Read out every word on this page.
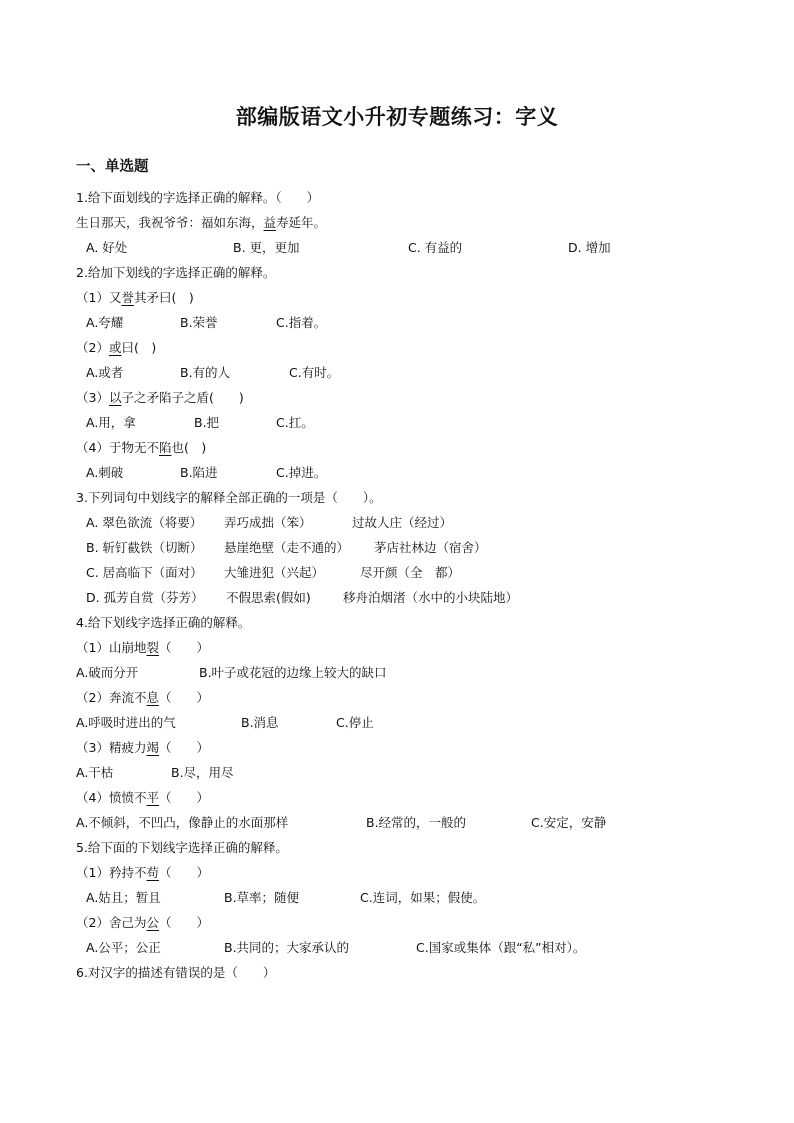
部编版语文小升初专题练习：字义
一、单选题
1.给下面划线的字选择正确的解释。（　　）
生日那天，我祝爷爷：福如东海，益寿延年。
A. 好处	B. 更，更加	C. 有益的	D. 增加
2.给加下划线的字选择正确的解释。
（1）又誉其矛曰(　)
A.夸耀	B.荣誉	C.指着。
（2）或曰(　)
A.或者	B.有的人	C.有时。
（3）以子之矛陷子之盾(　　)
A.用，拿	B.把	C.扛。
（4）于物无不陷也(　)
A.刺破	B.陷进	C.掉进。
3.下列词句中划线字的解释全部正确的一项是（　　）。
A. 翠色欲流（将要） 弄巧成拙（笨）	过故人庄（经过）
B. 斩钉截铁（切断） 悬崖绝壁（走不通的） 茅店社林边（宿舍）
C. 居高临下（面对） 大雏进犯（兴起）	尽开颜（全　都）
D. 孤芳自赏（芬芳） 不假思索(假如)	移舟泊烟渚（水中的小块陆地）
4.给下划线字选择正确的解释。
（1）山崩地裂（　　）
A.破而分开	B.叶子或花冠的边缘上较大的缺口
（2）奔流不息（　　）
A.呼吸时进出的气	B.消息	C.停止
（3）精疲力竭（　　）
A.干枯	B.尽，用尽
（4）愤愤不平（　　）
A.不倾斜，不凹凸，像静止的水面那样	B.经常的，一般的	C.安定，安静
5.给下面的下划线字选择正确的解释。
（1）矜持不苟（　　）
A.姑且；暂且	B.草率；随便	C.连词，如果；假使。
（2）舍己为公（　　）
A.公平；公正	B.共同的；大家承认的	C.国家或集体（跟“私”相对）。
6.对汉字的描述有错误的是（　　）
